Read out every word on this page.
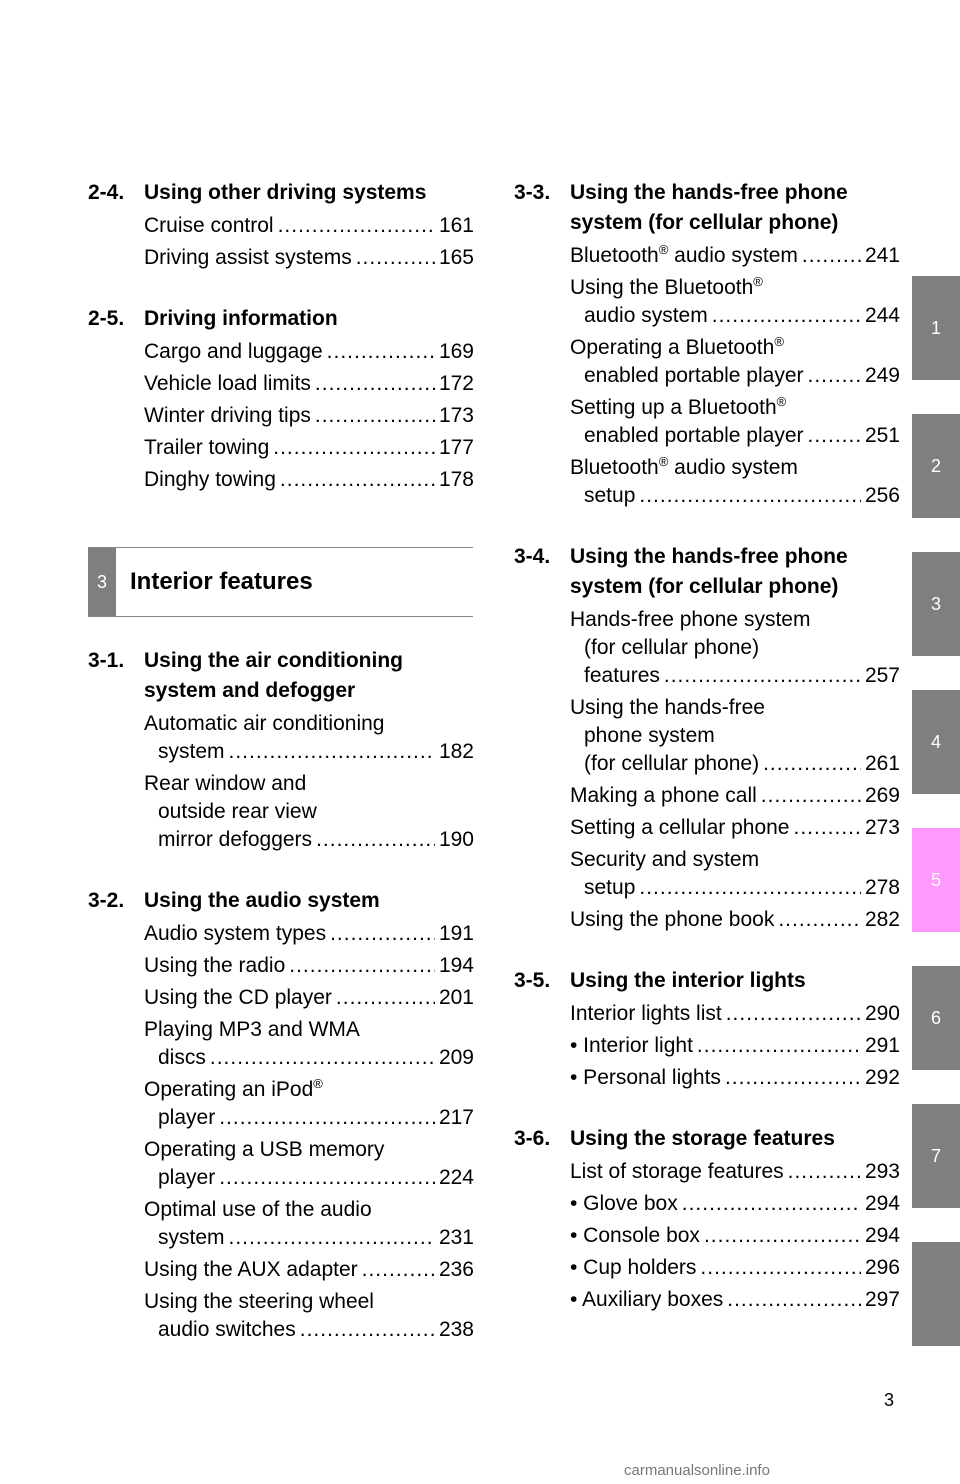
2-4. Using other driving systems
Cruise control .....	161
Driving assist systems .....	165
2-5. Driving information
Cargo and luggage .....	169
Vehicle load limits .....	172
Winter driving tips .....	173
Trailer towing .....	177
Dinghy towing .....	178
3 Interior features
3-1. Using the air conditioning system and defogger
Automatic air conditioning
system .....	182
Rear window and
outside rear view
mirror defoggers .....	190
3-2. Using the audio system
Audio system types .....	191
Using the radio .....	194
Using the CD player .....	201
Playing MP3 and WMA
discs .....	209
Operating an iPod®
player .....	217
Operating a USB memory
player .....	224
Optimal use of the audio
system .....	231
Using the AUX adapter .....	236
Using the steering wheel
audio switches .....	238
3-3. Using the hands-free phone system (for cellular phone)
Bluetooth® audio system .....	241
Using the Bluetooth®
audio system .....	244
Operating a Bluetooth®
enabled portable player .....	249
Setting up a Bluetooth®
enabled portable player .....	251
Bluetooth® audio system
setup .....	256
3-4. Using the hands-free phone system (for cellular phone)
Hands-free phone system
(for cellular phone)
features .....	257
Using the hands-free
phone system
(for cellular phone) .....	261
Making a phone call .....	269
Setting a cellular phone .....	273
Security and system
setup .....	278
Using the phone book .....	282
3-5. Using the interior lights
Interior lights list .....	290
• Interior light .....	291
• Personal lights .....	292
3-6. Using the storage features
List of storage features .....	293
• Glove box .....	294
• Console box .....	294
• Cup holders .....	296
• Auxiliary boxes .....	297
1
2
3
4
5
6
7
3
carmanualsonline.info
